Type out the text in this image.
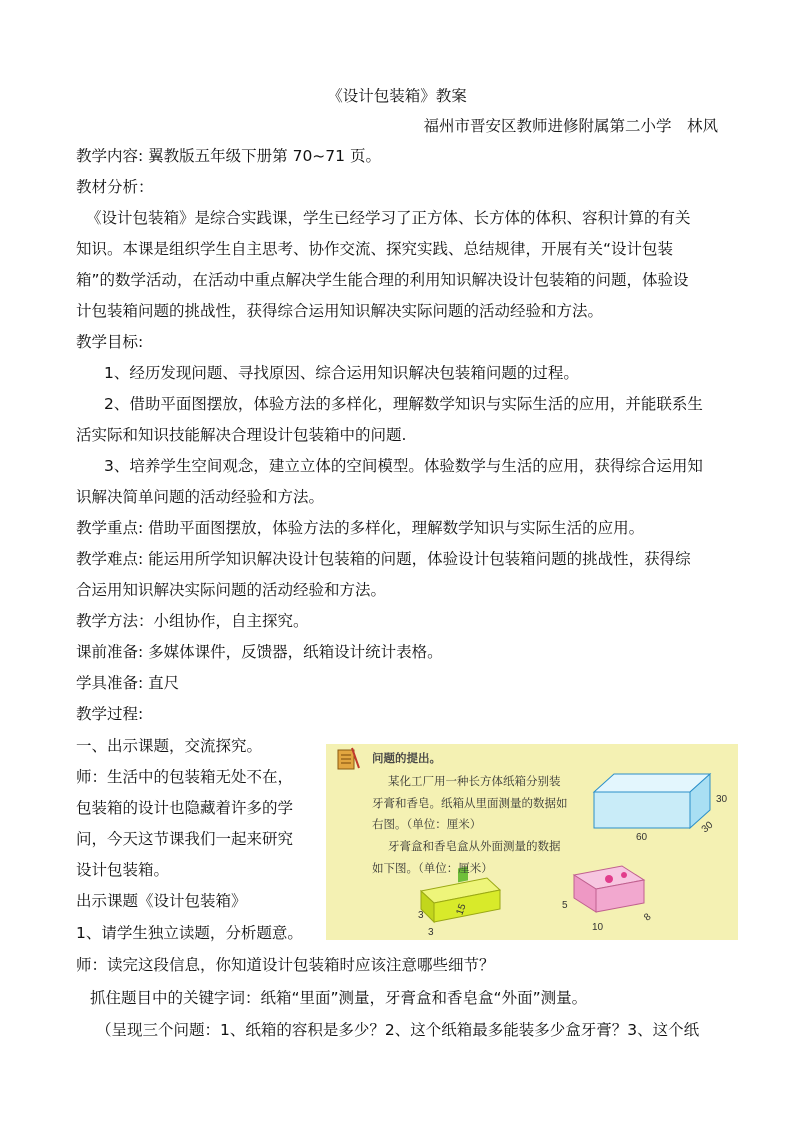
《设计包装箱》教案
福州市晋安区教师进修附属第二小学　林风
教学内容: 翼教版五年级下册第 70~71 页。
教材分析：
《设计包装箱》是综合实践课，学生已经学习了正方体、长方体的体积、容积计算的有关
知识。本课是组织学生自主思考、协作交流、探究实践、总结规律，开展有关“设计包装
箱”的数学活动，在活动中重点解决学生能合理的利用知识解决设计包装箱的问题，体验设
计包装箱问题的挑战性，获得综合运用知识解决实际问题的活动经验和方法。
教学目标:
1、经历发现问题、寻找原因、综合运用知识解决包装箱问题的过程。
2、借助平面图摆放，体验方法的多样化，理解数学知识与实际生活的应用，并能联系生
活实际和知识技能解决合理设计包装箱中的问题.
3、培养学生空间观念，建立立体的空间模型。体验数学与生活的应用，获得综合运用知
识解决简单问题的活动经验和方法。
教学重点: 借助平面图摆放，体验方法的多样化，理解数学知识与实际生活的应用。
教学难点: 能运用所学知识解决设计包装箱的问题，体验设计包装箱问题的挑战性，获得综
合运用知识解决实际问题的活动经验和方法。
教学方法：小组协作，自主探究。
课前准备: 多媒体课件，反馈器，纸箱设计统计表格。
学具准备: 直尺
教学过程:
一、出示课题，交流探究。
师：生活中的包装箱无处不在，
包装箱的设计也隐藏着许多的学
问，今天这节课我们一起来研究
设计包装箱。
出示课题《设计包装箱》
1、请学生独立读题，分析题意。
师：读完这段信息，你知道设计包装箱时应该注意哪些细节？
抓住题目中的关键字词：纸箱“里面”测量，牙膏盒和香皂盒“外面”测量。
（呈现三个问题：1、纸箱的容积是多少？2、这个纸箱最多能装多少盒牙膏？3、这个纸
问题的提出。
某化工厂用一种长方体纸箱分别装
牙膏和香皂。纸箱从里面测量的数据如
右图。（单位：厘米）
牙膏盒和香皂盒从外面测量的数据
如下图。（单位：厘米）
30
60
30
3
3
15	5
10
8
